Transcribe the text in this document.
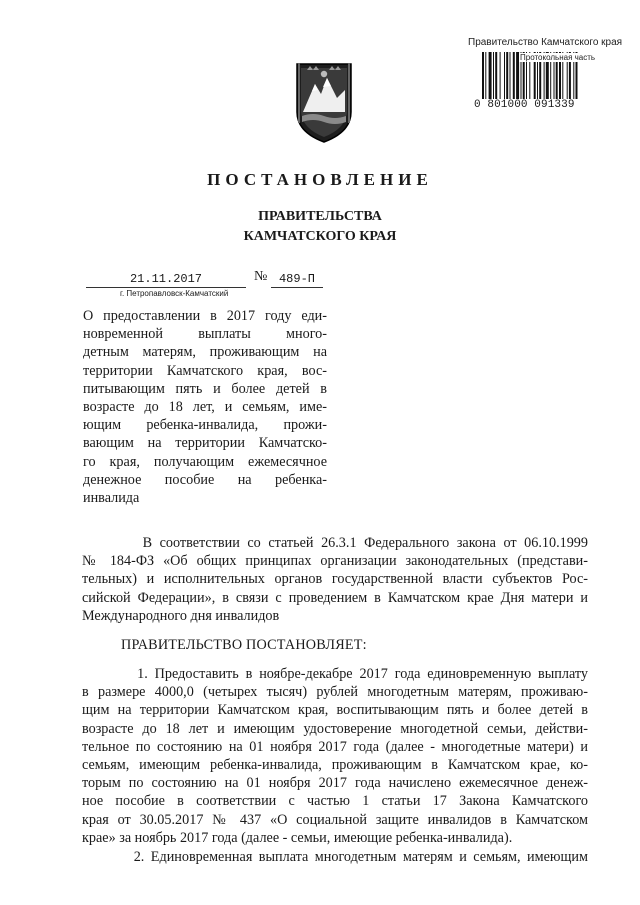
Правительство Камчатского края
Протокольная часть
0 801000 091339
ПОСТАНОВЛЕНИЕ
ПРАВИТЕЛЬСТВА
КАМЧАТСКОГО КРАЯ
21.11.2017	№ 489-П
г. Петропавловск-Камчатский
О предоставлении в 2017 году еди-
новременной выплаты много-
детным матерям, проживающим на
территории Камчатского края, вос-
питывающим пять и более детей в
возрасте до 18 лет, и семьям, име-
ющим ребенка-инвалида, прожи-
вающим на территории Камчатско-
го края, получающим ежемесячное
денежное пособие на ребенка-
инвалида
В соответствии со статьей 26.3.1 Федерального закона от 06.10.1999
№ 184-ФЗ «Об общих принципах организации законодательных (представи-
тельных) и исполнительных органов государственной власти субъектов Рос-
сийской Федерации», в связи с проведением в Камчатском крае Дня матери и
Международного дня инвалидов
ПРАВИТЕЛЬСТВО ПОСТАНОВЛЯЕТ:
1. Предоставить в ноябре-декабре 2017 года единовременную выплату
в размере 4000,0 (четырех тысяч) рублей многодетным матерям, проживаю-
щим на территории Камчатском края, воспитывающим пять и более детей в
возрасте до 18 лет и имеющим удостоверение многодетной семьи, действи-
тельное по состоянию на 01 ноября 2017 года (далее - многодетные матери) и
семьям, имеющим ребенка-инвалида, проживающим в Камчатском крае, ко-
торым по состоянию на 01 ноября 2017 года начислено ежемесячное денеж-
ное пособие в соответствии с частью 1 статьи 17 Закона Камчатского
края от 30.05.2017 № 437 «О социальной защите инвалидов в Камчатском
крае» за ноябрь 2017 года (далее - семьи, имеющие ребенка-инвалида).
2. Единовременная выплата многодетным матерям и семьям, имеющим
